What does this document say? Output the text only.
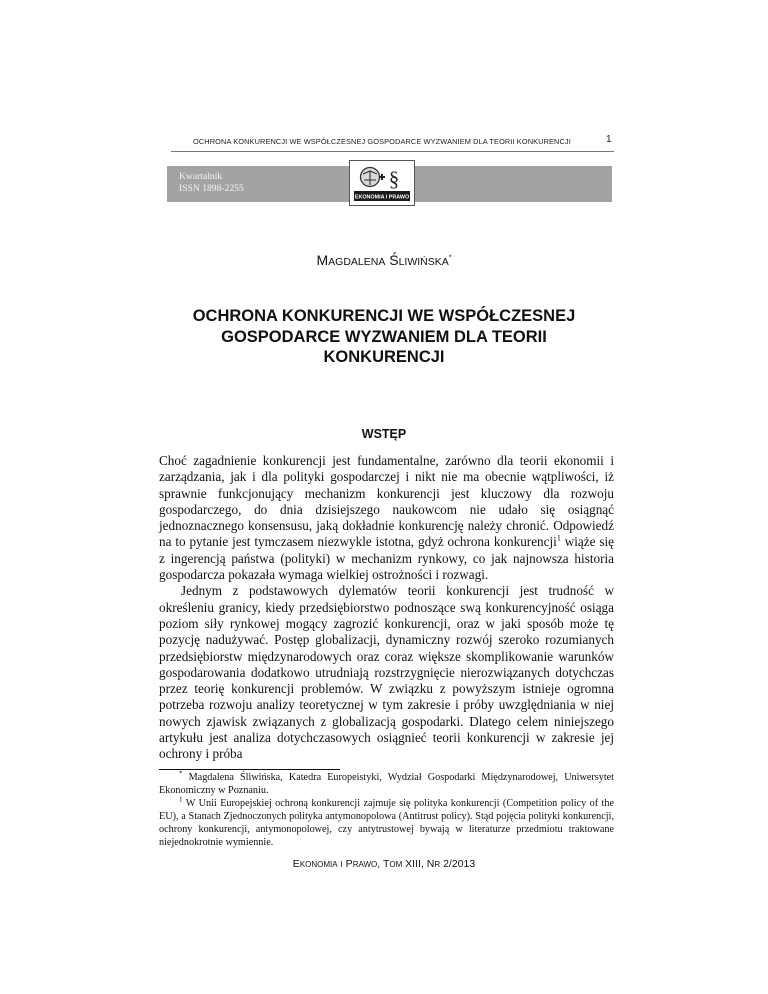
OCHRONA KONKURENCJI WE WSPÓŁCZESNEJ GOSPODARCE WYZWANIEM DLA TEORII KONKURENCJI	1
Kwartalnik
ISSN 1898-2255	§
EKONOMIA I PRAWO
MAGDALENA ŚLIWIŃSKA*
OCHRONA KONKURENCJI WE WSPÓŁCZESNEJ
GOSPODARCE WYZWANIEM DLA TEORII
KONKURENCJI
WSTĘP

Choć zagadnienie konkurencji jest fundamentalne, zarówno dla teorii ekonomii i zarządzania, jak i dla polityki gospodarczej i nikt nie ma obecnie wątpliwości, iż sprawnie funkcjonujący mechanizm konkurencji jest kluczowy dla rozwoju gospodarczego, do dnia dzisiejszego naukowcom nie udało się osiągnąć jednoznacznego konsensusu, jaką dokładnie konkurencję należy chronić. Odpowiedź na to pytanie jest tymczasem niezwykle istotna, gdyż ochrona konkurencji$^1$ wiąże się z ingerencją państwa (polityki) w mechanizm rynkowy, co jak najnowsza historia gospodarcza pokazała wymaga wielkiej ostrożności i rozwagi.

Jednym z podstawowych dylematów teorii konkurencji jest trudność w określeniu granicy, kiedy przedsiębiorstwo podnoszące swą konkurencyjność osiąga poziom siły rynkowej mogący zagrozić konkurencji, oraz w jaki sposób może tę pozycję nadużywać. Postęp globalizacji, dynamiczny rozwój szeroko rozumianych przedsiębiorstw międzynarodowych oraz coraz większe skomplikowanie warunków gospodarowania dodatkowo utrudniają rozstrzygnięcie nierozwiązanych dotychczas przez teorię konkurencji problemów. W związku z powyższym istnieje ogromna potrzeba rozwoju analizy teoretycznej w tym zakresie i próby uwzględniania w niej nowych zjawisk związanych z globalizacją gospodarki. Dlatego celem niniejszego artykułu jest analiza dotychczasowych osiągnieć teorii konkurencji w zakresie jej ochrony i próba

* Magdalena Śliwińska, Katedra Europeistyki, Wydział Gospodarki Międzynarodowej, Uniwersytet Ekonomiczny w Poznaniu.

$^1$ W Unii Europejskiej ochroną konkurencji zajmuje się polityka konkurencji (Competition policy of the EU), a Stanach Zjednoczonych polityka antymonopolowa (Antitrust policy). Stąd pojęcia polityki konkurencji, ochrony konkurencji, antymonopolowej, czy antytrustowej bywają w literaturze przedmiotu traktowane niejednokrotnie wymiennie.

EKONOMIA I PRAWO, TOM XIII, NR 2/2013
